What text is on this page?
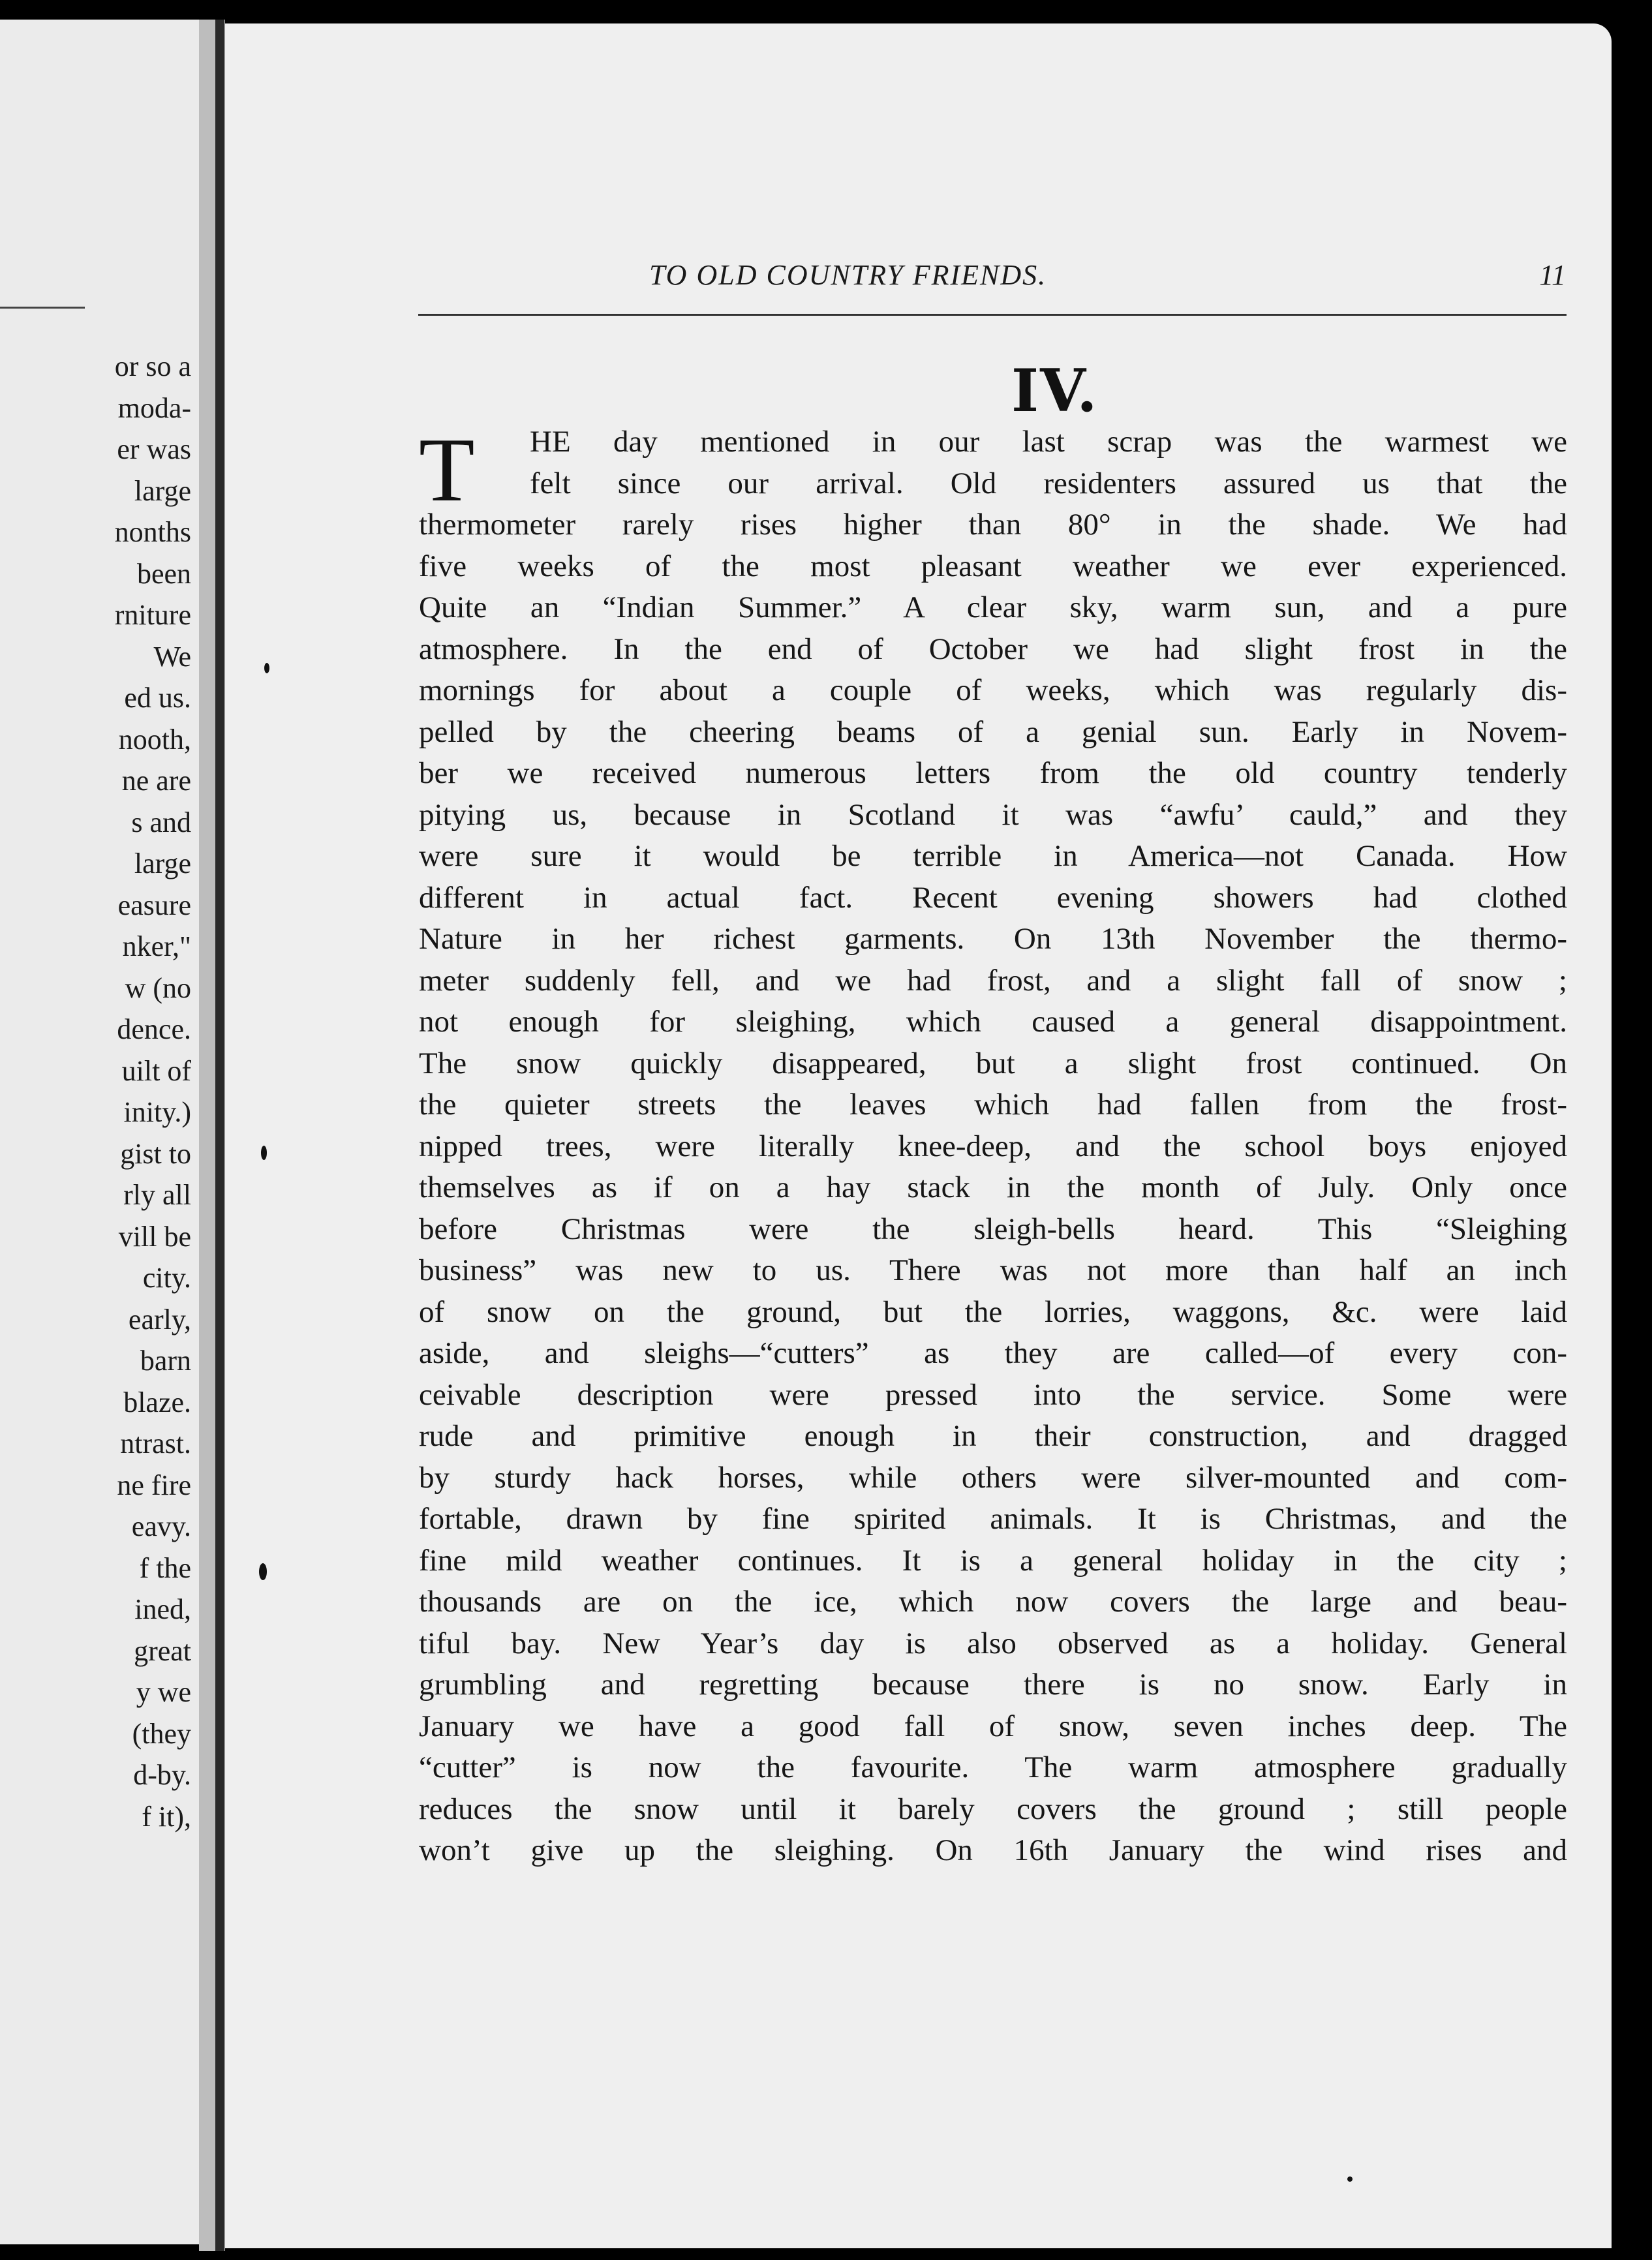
or so a
moda-
er was
large
nonths
been
rniture
We
ed us.
nooth,
ne are
s and
large
easure
nker,"
w (no
dence.
uilt of
inity.)
gist to
rly all
vill be
city.
early,
barn
blaze.
ntrast.
ne fire
eavy.
f the
ined,
great
y we
(they
d-by.
f it),
TO OLD COUNTRY FRIENDS.	11
IV.
T	HE day mentioned in our last scrap was the warmest we
felt since our arrival. Old residenters assured us that the
thermometer rarely rises higher than 80° in the shade. We had
five weeks of the most pleasant weather we ever experienced.
Quite an “Indian Summer.” A clear sky, warm sun, and a pure
atmosphere. In the end of October we had slight frost in the
mornings for about a couple of weeks, which was regularly dis-
pelled by the cheering beams of a genial sun. Early in Novem-
ber we received numerous letters from the old country tenderly
pitying us, because in Scotland it was “awfu’ cauld,” and they
were sure it would be terrible in America—not Canada. How
different in actual fact. Recent evening showers had clothed
Nature in her richest garments. On 13th November the thermo-
meter suddenly fell, and we had frost, and a slight fall of snow ;
not enough for sleighing, which caused a general disappointment.
The snow quickly disappeared, but a slight frost continued. On
the quieter streets the leaves which had fallen from the frost-
nipped trees, were literally knee-deep, and the school boys enjoyed
themselves as if on a hay stack in the month of July. Only once
before Christmas were the sleigh-bells heard. This “Sleighing
business” was new to us. There was not more than half an inch
of snow on the ground, but the lorries, waggons, &c. were laid
aside, and sleighs—“cutters” as they are called—of every con-
ceivable description were pressed into the service. Some were
rude and primitive enough in their construction, and dragged
by sturdy hack horses, while others were silver-mounted and com-
fortable, drawn by fine spirited animals. It is Christmas, and the
fine mild weather continues. It is a general holiday in the city ;
thousands are on the ice, which now covers the large and beau-
tiful bay. New Year’s day is also observed as a holiday. General
grumbling and regretting because there is no snow. Early in
January we have a good fall of snow, seven inches deep. The
“cutter” is now the favourite. The warm atmosphere gradually
reduces the snow until it barely covers the ground ; still people
won’t give up the sleighing. On 16th January the wind rises and
